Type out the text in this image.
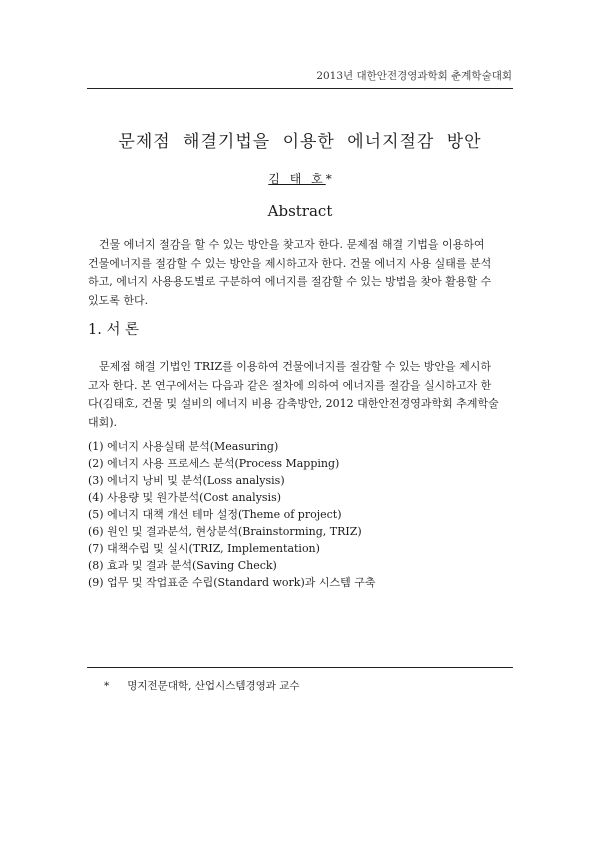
2013년 대한안전경영과학회 춘계학술대회
문제점 해결기법을 이용한 에너지절감 방안
김 태 호*
Abstract
건물 에너지 절감을 할 수 있는 방안을 찾고자 한다. 문제점 해결 기법을 이용하여
건물에너지를 절감할 수 있는 방안을 제시하고자 한다. 건물 에너지 사용 실태를 분석
하고, 에너지 사용용도별로 구분하여 에너지를 절감할 수 있는 방법을 찾아 활용할 수
있도록 한다.
1. 서 론
문제점 해결 기법인 TRIZ를 이용하여 건물에너지를 절감할 수 있는 방안을 제시하
고자 한다. 본 연구에서는 다음과 같은 절차에 의하여 에너지를 절감을 실시하고자 한
다(김태호, 건물 및 설비의 에너지 비용 감축방안, 2012 대한안전경영과학회 추계학술
대회).
(1) 에너지 사용실태 분석(Measuring)
(2) 에너지 사용 프로세스 분석(Process Mapping)
(3) 에너지 낭비 및 분석(Loss analysis)
(4) 사용량 및 원가분석(Cost analysis)
(5) 에너지 대책 개선 테마 설정(Theme of project)
(6) 원인 및 결과분석, 현상분석(Brainstorming, TRIZ)
(7) 대책수립 및 실시(TRIZ, Implementation)
(8) 효과 및 결과 분석(Saving Check)
(9) 업무 및 작업표준 수립(Standard work)과 시스템 구축
* 명지전문대학, 산업시스템경영과 교수
